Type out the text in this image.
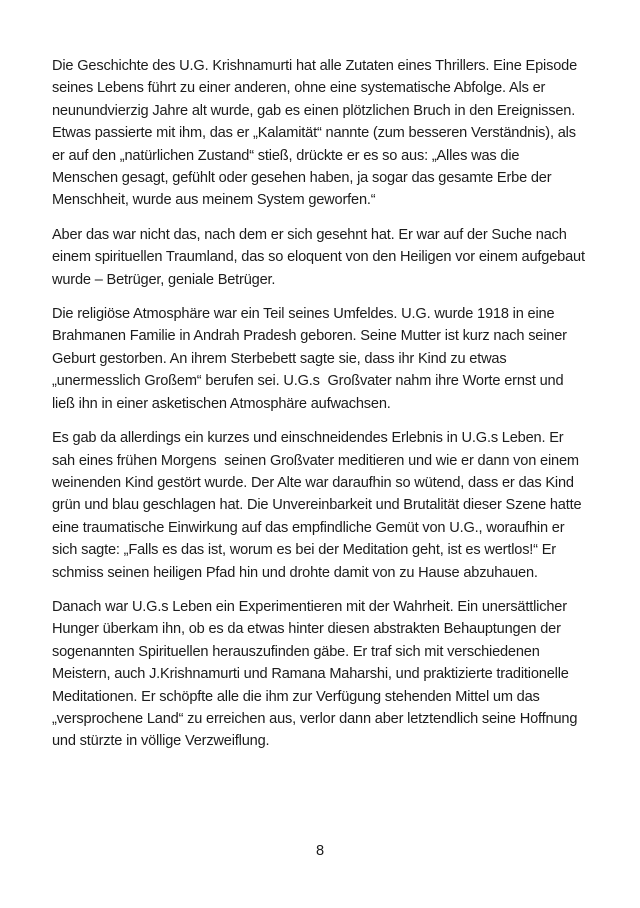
Die Geschichte des U.G. Krishnamurti hat alle Zutaten eines Thrillers. Eine Episode seines Lebens führt zu einer anderen, ohne eine systematische Abfolge. Als er neunundvierzig Jahre alt wurde, gab es einen plötzlichen Bruch in den Ereignissen. Etwas passierte mit ihm, das er „Kalamität“ nannte (zum besseren Verständnis), als er auf den „natürlichen Zustand“ stieß, drückte er es so aus: „Alles was die Menschen gesagt, gefühlt oder gesehen haben, ja sogar das gesamte Erbe der Menschheit, wurde aus meinem System geworfen.“

Aber das war nicht das, nach dem er sich gesehnt hat. Er war auf der Suche nach einem spirituellen Traumland, das so eloquent von den Heiligen vor einem aufgebaut wurde – Betrüger, geniale Betrüger.

Die religiöse Atmosphäre war ein Teil seines Umfeldes. U.G. wurde 1918 in eine Brahmanen Familie in Andrah Pradesh geboren. Seine Mutter ist kurz nach seiner Geburt gestorben. An ihrem Sterbebett sagte sie, dass ihr Kind zu etwas „unermesslich Großem“ berufen sei. U.G.s  Großvater nahm ihre Worte ernst und ließ ihn in einer asketischen Atmosphäre aufwachsen.

Es gab da allerdings ein kurzes und einschneidendes Erlebnis in U.G.s Leben. Er sah eines frühen Morgens  seinen Großvater meditieren und wie er dann von einem weinenden Kind gestört wurde. Der Alte war daraufhin so wütend, dass er das Kind grün und blau geschlagen hat. Die Unvereinbarkeit und Brutalität dieser Szene hatte eine traumatische Einwirkung auf das empfindliche Gemüt von U.G., woraufhin er sich sagte: „Falls es das ist, worum es bei der Meditation geht, ist es wertlos!“ Er schmiss seinen heiligen Pfad hin und drohte damit von zu Hause abzuhauen.

Danach war U.G.s Leben ein Experimentieren mit der Wahrheit. Ein unersättlicher Hunger überkam ihn, ob es da etwas hinter diesen abstrakten Behauptungen der sogenannten Spirituellen herauszufinden gäbe. Er traf sich mit verschiedenen Meistern, auch J.Krishnamurti und Ramana Maharshi, und praktizierte traditionelle Meditationen. Er schöpfte alle die ihm zur Verfügung stehenden Mittel um das „versprochene Land“ zu erreichen aus, verlor dann aber letztendlich seine Hoffnung und stürzte in völlige Verzweiflung.

8
